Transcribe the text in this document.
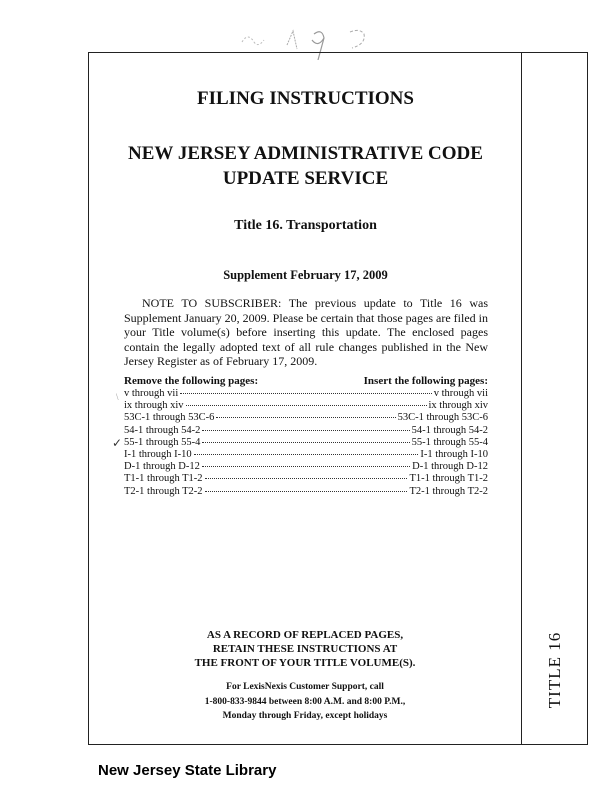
TITLE 16
FILING INSTRUCTIONS
NEW JERSEY ADMINISTRATIVE CODE
UPDATE SERVICE
Title 16. Transportation
Supplement February 17, 2009

NOTE TO SUBSCRIBER: The previous update to Title 16 was Supplement January 20, 2009. Please be certain that those pages are filed in your Title volume(s) before inserting this update. The enclosed pages contain the legally adopted text of all rule changes published in the New Jersey Register as of February 17, 2009.

Remove the following pages:	Insert the following pages:
v through vii	v through vii
ix through xiv	ix through xiv
53C-1 through 53C-6	53C-1 through 53C-6
54-1 through 54-2	54-1 through 54-2
55-1 through 55-4	55-1 through 55-4
I-1 through I-10	I-1 through I-10
D-1 through D-12	D-1 through D-12
T1-1 through T1-2	T1-1 through T1-2
T2-1 through T2-2	T2-1 through T2-2
✓
\
AS A RECORD OF REPLACED PAGES,
RETAIN THESE INSTRUCTIONS AT
THE FRONT OF YOUR TITLE VOLUME(S).
For LexisNexis Customer Support, call
1-800-833-9844 between 8:00 A.M. and 8:00 P.M.,
Monday through Friday, except holidays
New Jersey State Library
